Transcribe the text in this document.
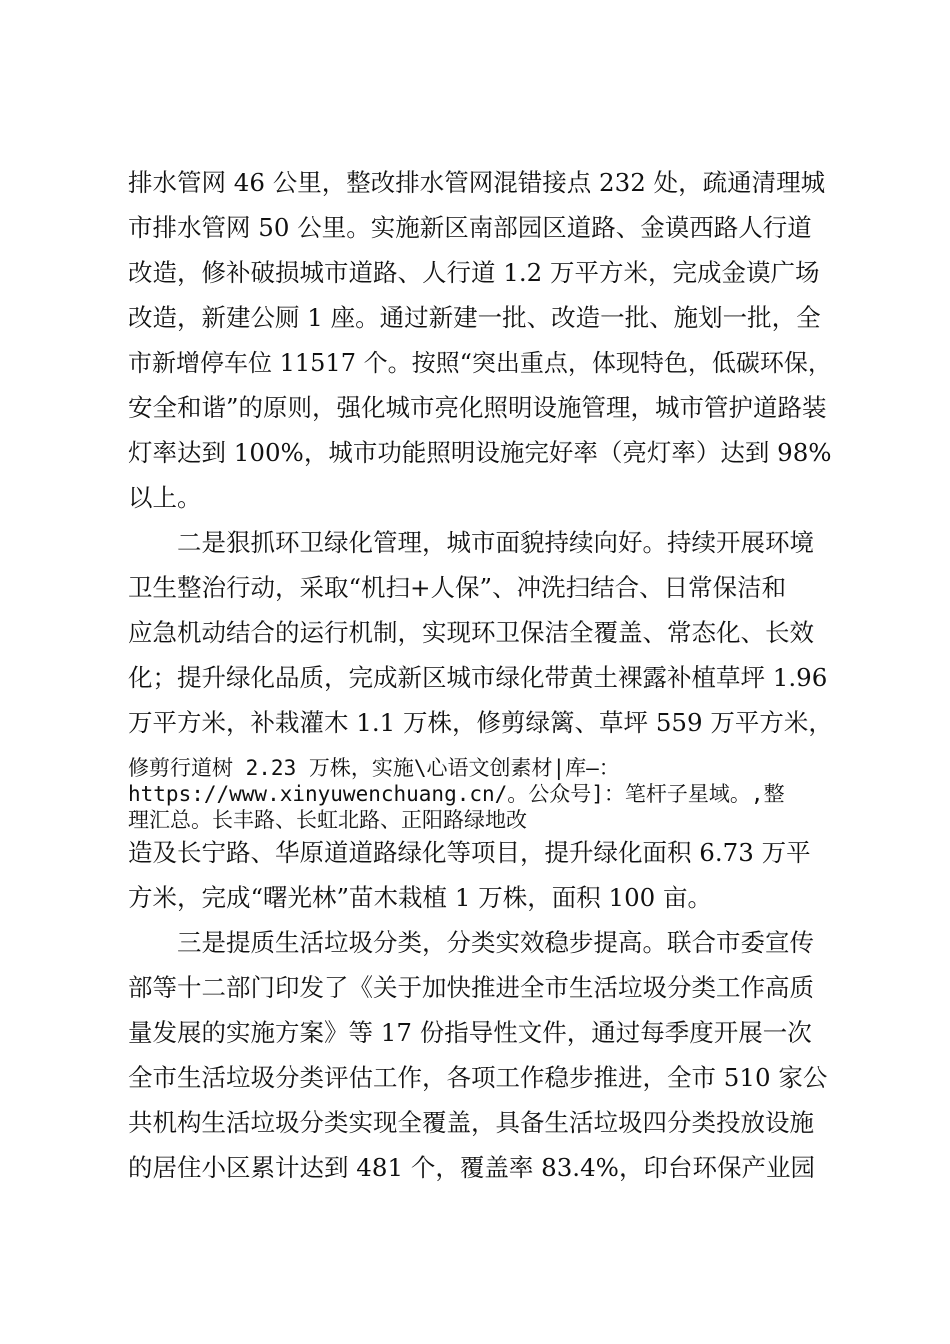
排水管网 46 公里，整改排水管网混错接点 232 处，疏通清理城
市排水管网 50 公里。实施新区南部园区道路、金谟西路人行道
改造，修补破损城市道路、人行道 1.2 万平方米，完成金谟广场
改造，新建公厕 1 座。通过新建一批、改造一批、施划一批，全
市新增停车位 11517 个。按照“突出重点，体现特色，低碳环保，
安全和谐”的原则，强化城市亮化照明设施管理，城市管护道路装
灯率达到 100%，城市功能照明设施完好率（亮灯率）达到 98%
以上。
二是狠抓环卫绿化管理，城市面貌持续向好。持续开展环境
卫生整治行动，采取“机扫+人保”、冲洗扫结合、日常保洁和
应急机动结合的运行机制，实现环卫保洁全覆盖、常态化、长效
化；提升绿化品质，完成新区城市绿化带黄土裸露补植草坪 1.96
万平方米，补栽灌木 1.1 万株，修剪绿篱、草坪 559 万平方米，
修剪行道树 2.23 万株，实施\心语文创素材|库—：
https://www.xinyuwenchuang.cn/。公众号]：笔杆子星域。,整
理汇总。长丰路、长虹北路、正阳路绿地改
造及长宁路、华原道道路绿化等项目，提升绿化面积 6.73 万平
方米，完成“曙光林”苗木栽植 1 万株，面积 100 亩。
三是提质生活垃圾分类，分类实效稳步提高。联合市委宣传
部等十二部门印发了《关于加快推进全市生活垃圾分类工作高质
量发展的实施方案》等 17 份指导性文件，通过每季度开展一次
全市生活垃圾分类评估工作，各项工作稳步推进，全市 510 家公
共机构生活垃圾分类实现全覆盖，具备生活垃圾四分类投放设施
的居住小区累计达到 481 个，覆盖率 83.4%，印台环保产业园
